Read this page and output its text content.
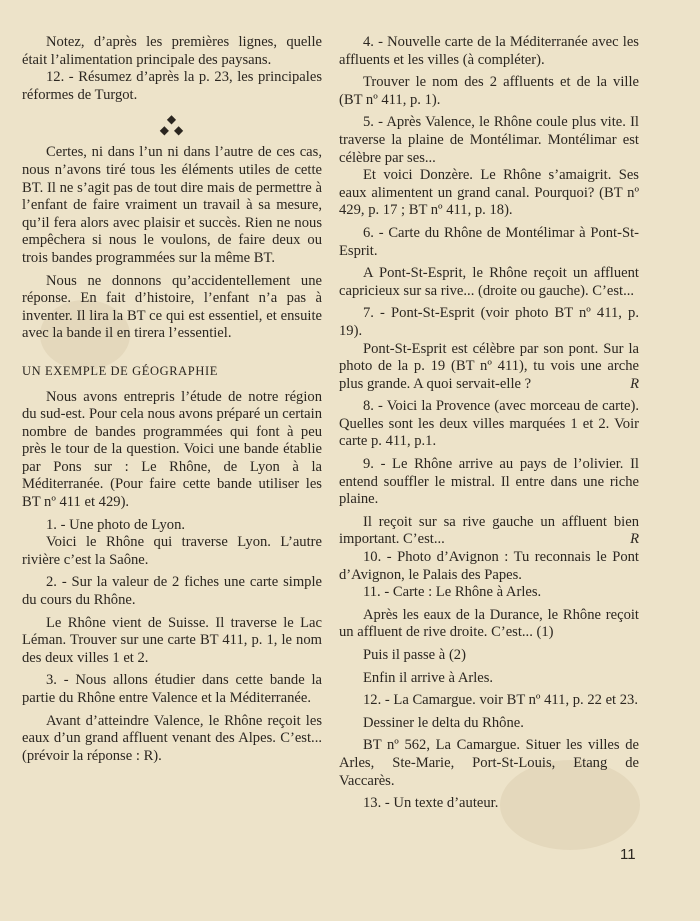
Notez, d’après les premières lignes, quelle était l’alimentation principale des paysans.

12. - Résumez d’après la p. 23, les principales réformes de Turgot.

◆
◆ ◆

Certes, ni dans l’un ni dans l’autre de ces cas, nous n’avons tiré tous les éléments utiles de cette BT. Il ne s’agit pas de tout dire mais de permettre à l’enfant de faire vraiment un travail à sa mesure, qu’il fera alors avec plaisir et succès. Rien ne nous empêchera si nous le voulons, de faire deux ou trois bandes programmées sur la même BT.

Nous ne donnons qu’accidentellement une réponse. En fait d’histoire, l’enfant n’a pas à inventer. Il lira la BT ce qui est essentiel, et ensuite avec la bande il en tirera l’essentiel.

UN EXEMPLE DE GÉOGRAPHIE

Nous avons entrepris l’étude de notre région du sud-est. Pour cela nous avons préparé un certain nombre de bandes programmées qui font à peu près le tour de la question. Voici une bande établie par Pons sur : Le Rhône, de Lyon à la Méditerranée. (Pour faire cette bande utiliser les BT nº 411 et 429).

1. - Une photo de Lyon.

Voici le Rhône qui traverse Lyon. L’autre rivière c’est la Saône.

2. - Sur la valeur de 2 fiches une carte simple du cours du Rhône.

Le Rhône vient de Suisse. Il traverse le Lac Léman. Trouver sur une carte BT 411, p. 1, le nom des deux villes 1 et 2.

3. - Nous allons étudier dans cette bande la partie du Rhône entre Valence et la Méditerranée.

Avant d’atteindre Valence, le Rhône reçoit les eaux d’un grand affluent venant des Alpes. C’est... (prévoir la réponse : R).

4. - Nouvelle carte de la Méditerranée avec les affluents et les villes (à compléter).

Trouver le nom des 2 affluents et de la ville (BT nº 411, p. 1).

5. - Après Valence, le Rhône coule plus vite. Il traverse la plaine de Montélimar. Montélimar est célèbre par ses...

Et voici Donzère. Le Rhône s’amaigrit. Ses eaux alimentent un grand canal. Pourquoi? (BT nº 429, p. 17 ; BT nº 411, p. 18).

6. - Carte du Rhône de Montélimar à Pont-St-Esprit.

A Pont-St-Esprit, le Rhône reçoit un affluent capricieux sur sa rive... (droite ou gauche). C’est...

7. - Pont-St-Esprit (voir photo BT nº 411, p. 19).

Pont-St-Esprit est célèbre par son pont. Sur la photo de la p. 19 (BT nº 411), tu vois une arche plus grande. A quoi servait-elle ?	R

8. - Voici la Provence (avec morceau de carte). Quelles sont les deux villes marquées 1 et 2. Voir carte p. 411, p.1.

9. - Le Rhône arrive au pays de l’olivier. Il entend souffler le mistral. Il entre dans une riche plaine.

Il reçoit sur sa rive gauche un affluent bien important. C’est...	R

10. - Photo d’Avignon : Tu reconnais le Pont d’Avignon, le Palais des Papes.

11. - Carte : Le Rhône à Arles.

Après les eaux de la Durance, le Rhône reçoit un affluent de rive droite. C’est... (1)

Puis il passe à (2)

Enfin il arrive à Arles.

12. - La Camargue. voir BT nº 411, p. 22 et 23.

Dessiner le delta du Rhône.

BT nº 562, La Camargue. Situer les villes de Arles, Ste-Marie, Port-St-Louis, Etang de Vaccarès.

13. - Un texte d’auteur.

11
